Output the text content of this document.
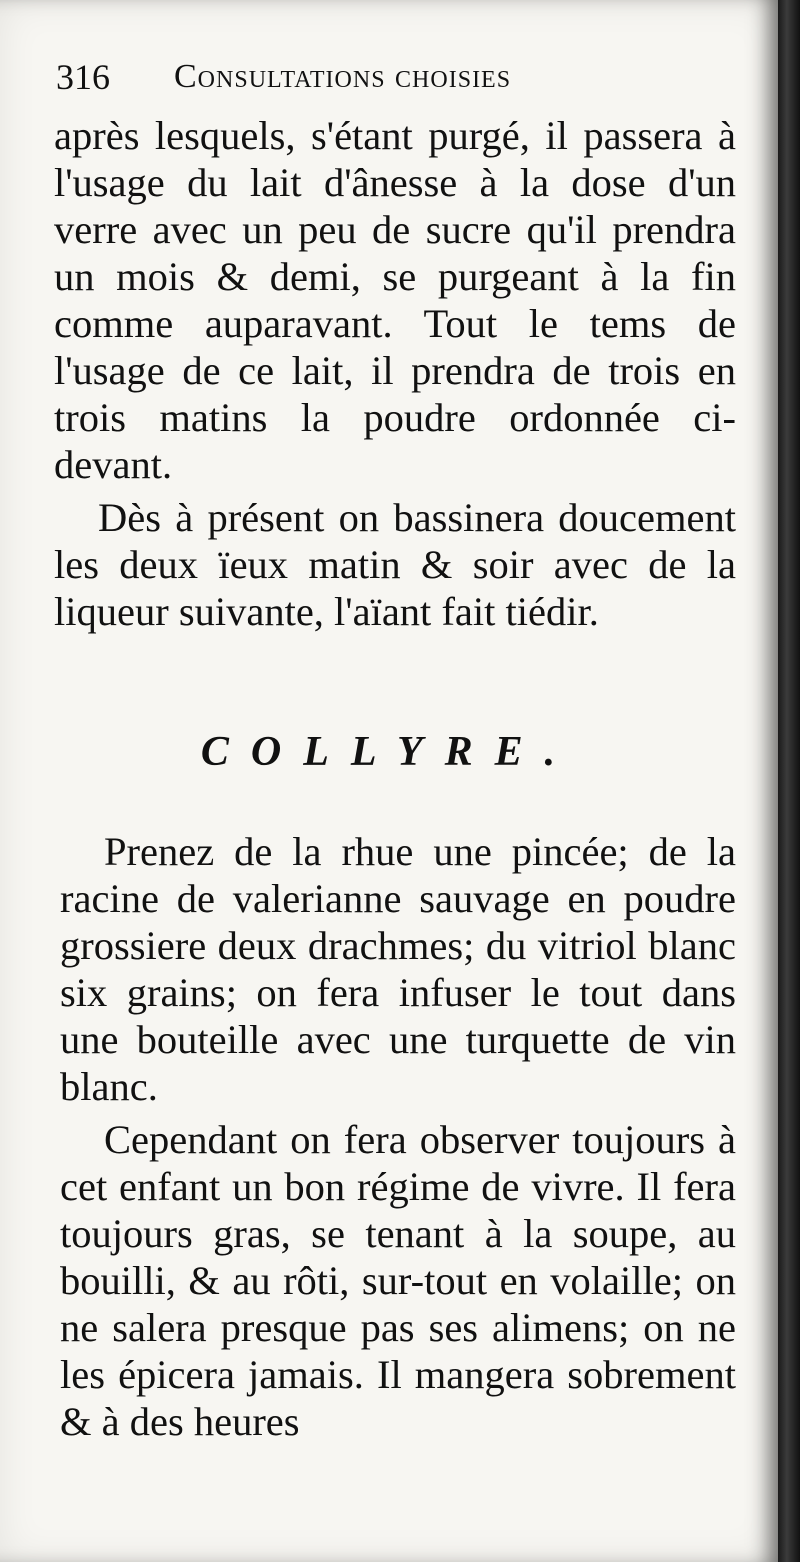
316 Consultations choisies
après lesquels, s'étant purgé, il passera à l'usage du lait d'ânesse à la dose d'un verre avec un peu de sucre qu'il prendra un mois & demi, se purgeant à la fin comme auparavant. Tout le tems de l'usage de ce lait, il prendra de trois en trois matins la poudre ordonnée ci-devant.
Dès à présent on bassinera doucement les deux ïeux matin & soir avec de la liqueur suivante, l'aïant fait tiédir.
COLLYRE.
Prenez de la rhue une pincée; de la racine de valerianne sauvage en poudre grossiere deux drachmes; du vitriol blanc six grains; on fera infuser le tout dans une bouteille avec une turquette de vin blanc.
Cependant on fera observer toujours à cet enfant un bon régime de vivre. Il fera toujours gras, se tenant à la soupe, au bouilli, & au rôti, sur-tout en volaille; on ne salera presque pas ses alimens; on ne les épicera jamais. Il mangera sobrement & à des heures
